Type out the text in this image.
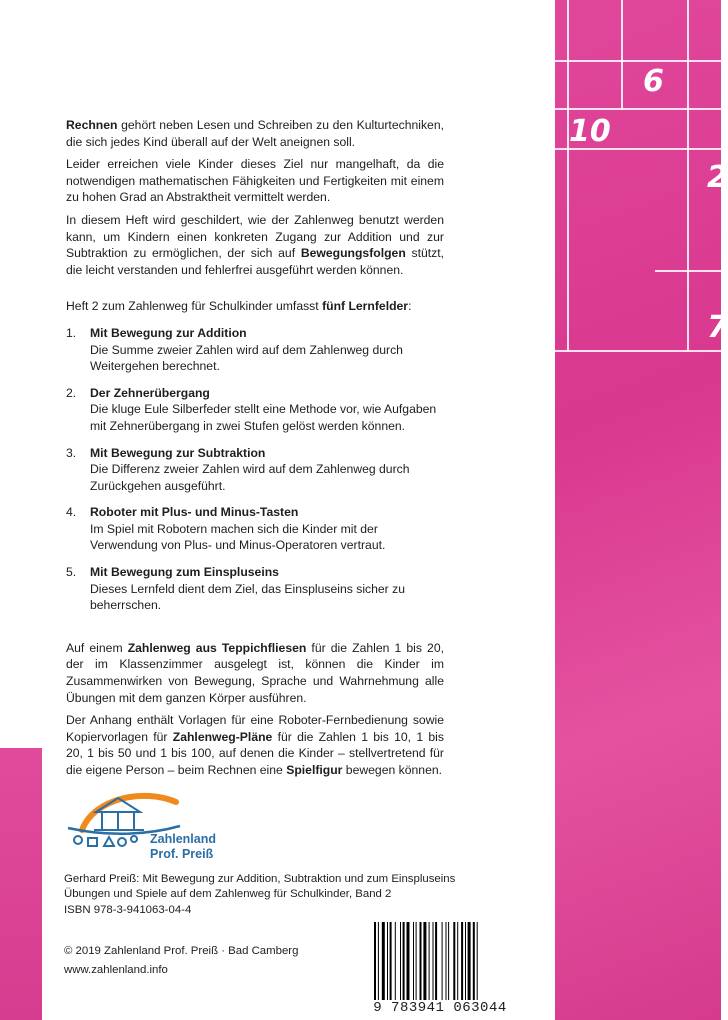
6
10
2
7

Rechnen gehört neben Lesen und Schreiben zu den Kulturtechniken, die sich jedes Kind überall auf der Welt aneignen soll.

Leider erreichen viele Kinder dieses Ziel nur mangelhaft, da die notwendigen mathematischen Fähigkeiten und Fertigkeiten mit einem zu hohen Grad an Abstraktheit vermittelt werden.

In diesem Heft wird geschildert, wie der Zahlenweg benutzt werden kann, um Kindern einen konkreten Zugang zur Addition und zur Subtraktion zu ermöglichen, der sich auf Bewegungsfolgen stützt, die leicht verstanden und fehlerfrei ausgeführt werden können.

Heft 2 zum Zahlenweg für Schulkinder umfasst fünf Lernfelder:

1. Mit Bewegung zur Addition
Die Summe zweier Zahlen wird auf dem Zahlenweg durch Weitergehen berechnet.
2. Der Zehnerübergang
Die kluge Eule Silberfeder stellt eine Methode vor, wie Aufgaben mit Zehnerübergang in zwei Stufen gelöst werden können.
3. Mit Bewegung zur Subtraktion
Die Differenz zweier Zahlen wird auf dem Zahlenweg durch Zurückgehen ausgeführt.
4. Roboter mit Plus- und Minus-Tasten
Im Spiel mit Robotern machen sich die Kinder mit der Verwendung von Plus- und Minus-Operatoren vertraut.
5. Mit Bewegung zum Einspluseins
Dieses Lernfeld dient dem Ziel, das Einspluseins sicher zu beherrschen.

Auf einem Zahlenweg aus Teppichfliesen für die Zahlen 1 bis 20, der im Klassenzimmer ausgelegt ist, können die Kinder im Zusammenwirken von Bewegung, Sprache und Wahrnehmung alle Übungen mit dem ganzen Körper ausführen.

Der Anhang enthält Vorlagen für eine Roboter-Fernbedienung sowie Kopiervorlagen für Zahlenweg-Pläne für die Zahlen 1 bis 10, 1 bis 20, 1 bis 50 und 1 bis 100, auf denen die Kinder – stellvertretend für die eigene Person – beim Rechnen eine Spielfigur bewegen können.

Zahlenland
Prof. Preiß
Gerhard Preiß: Mit Bewegung zur Addition, Subtraktion und zum Einspluseins
Übungen und Spiele auf dem Zahlenweg für Schulkinder, Band 2
ISBN 978-3-941063-04-4
© 2019 Zahlenland Prof. Preiß · Bad Camberg
www.zahlenland.info
9 783941 063044
